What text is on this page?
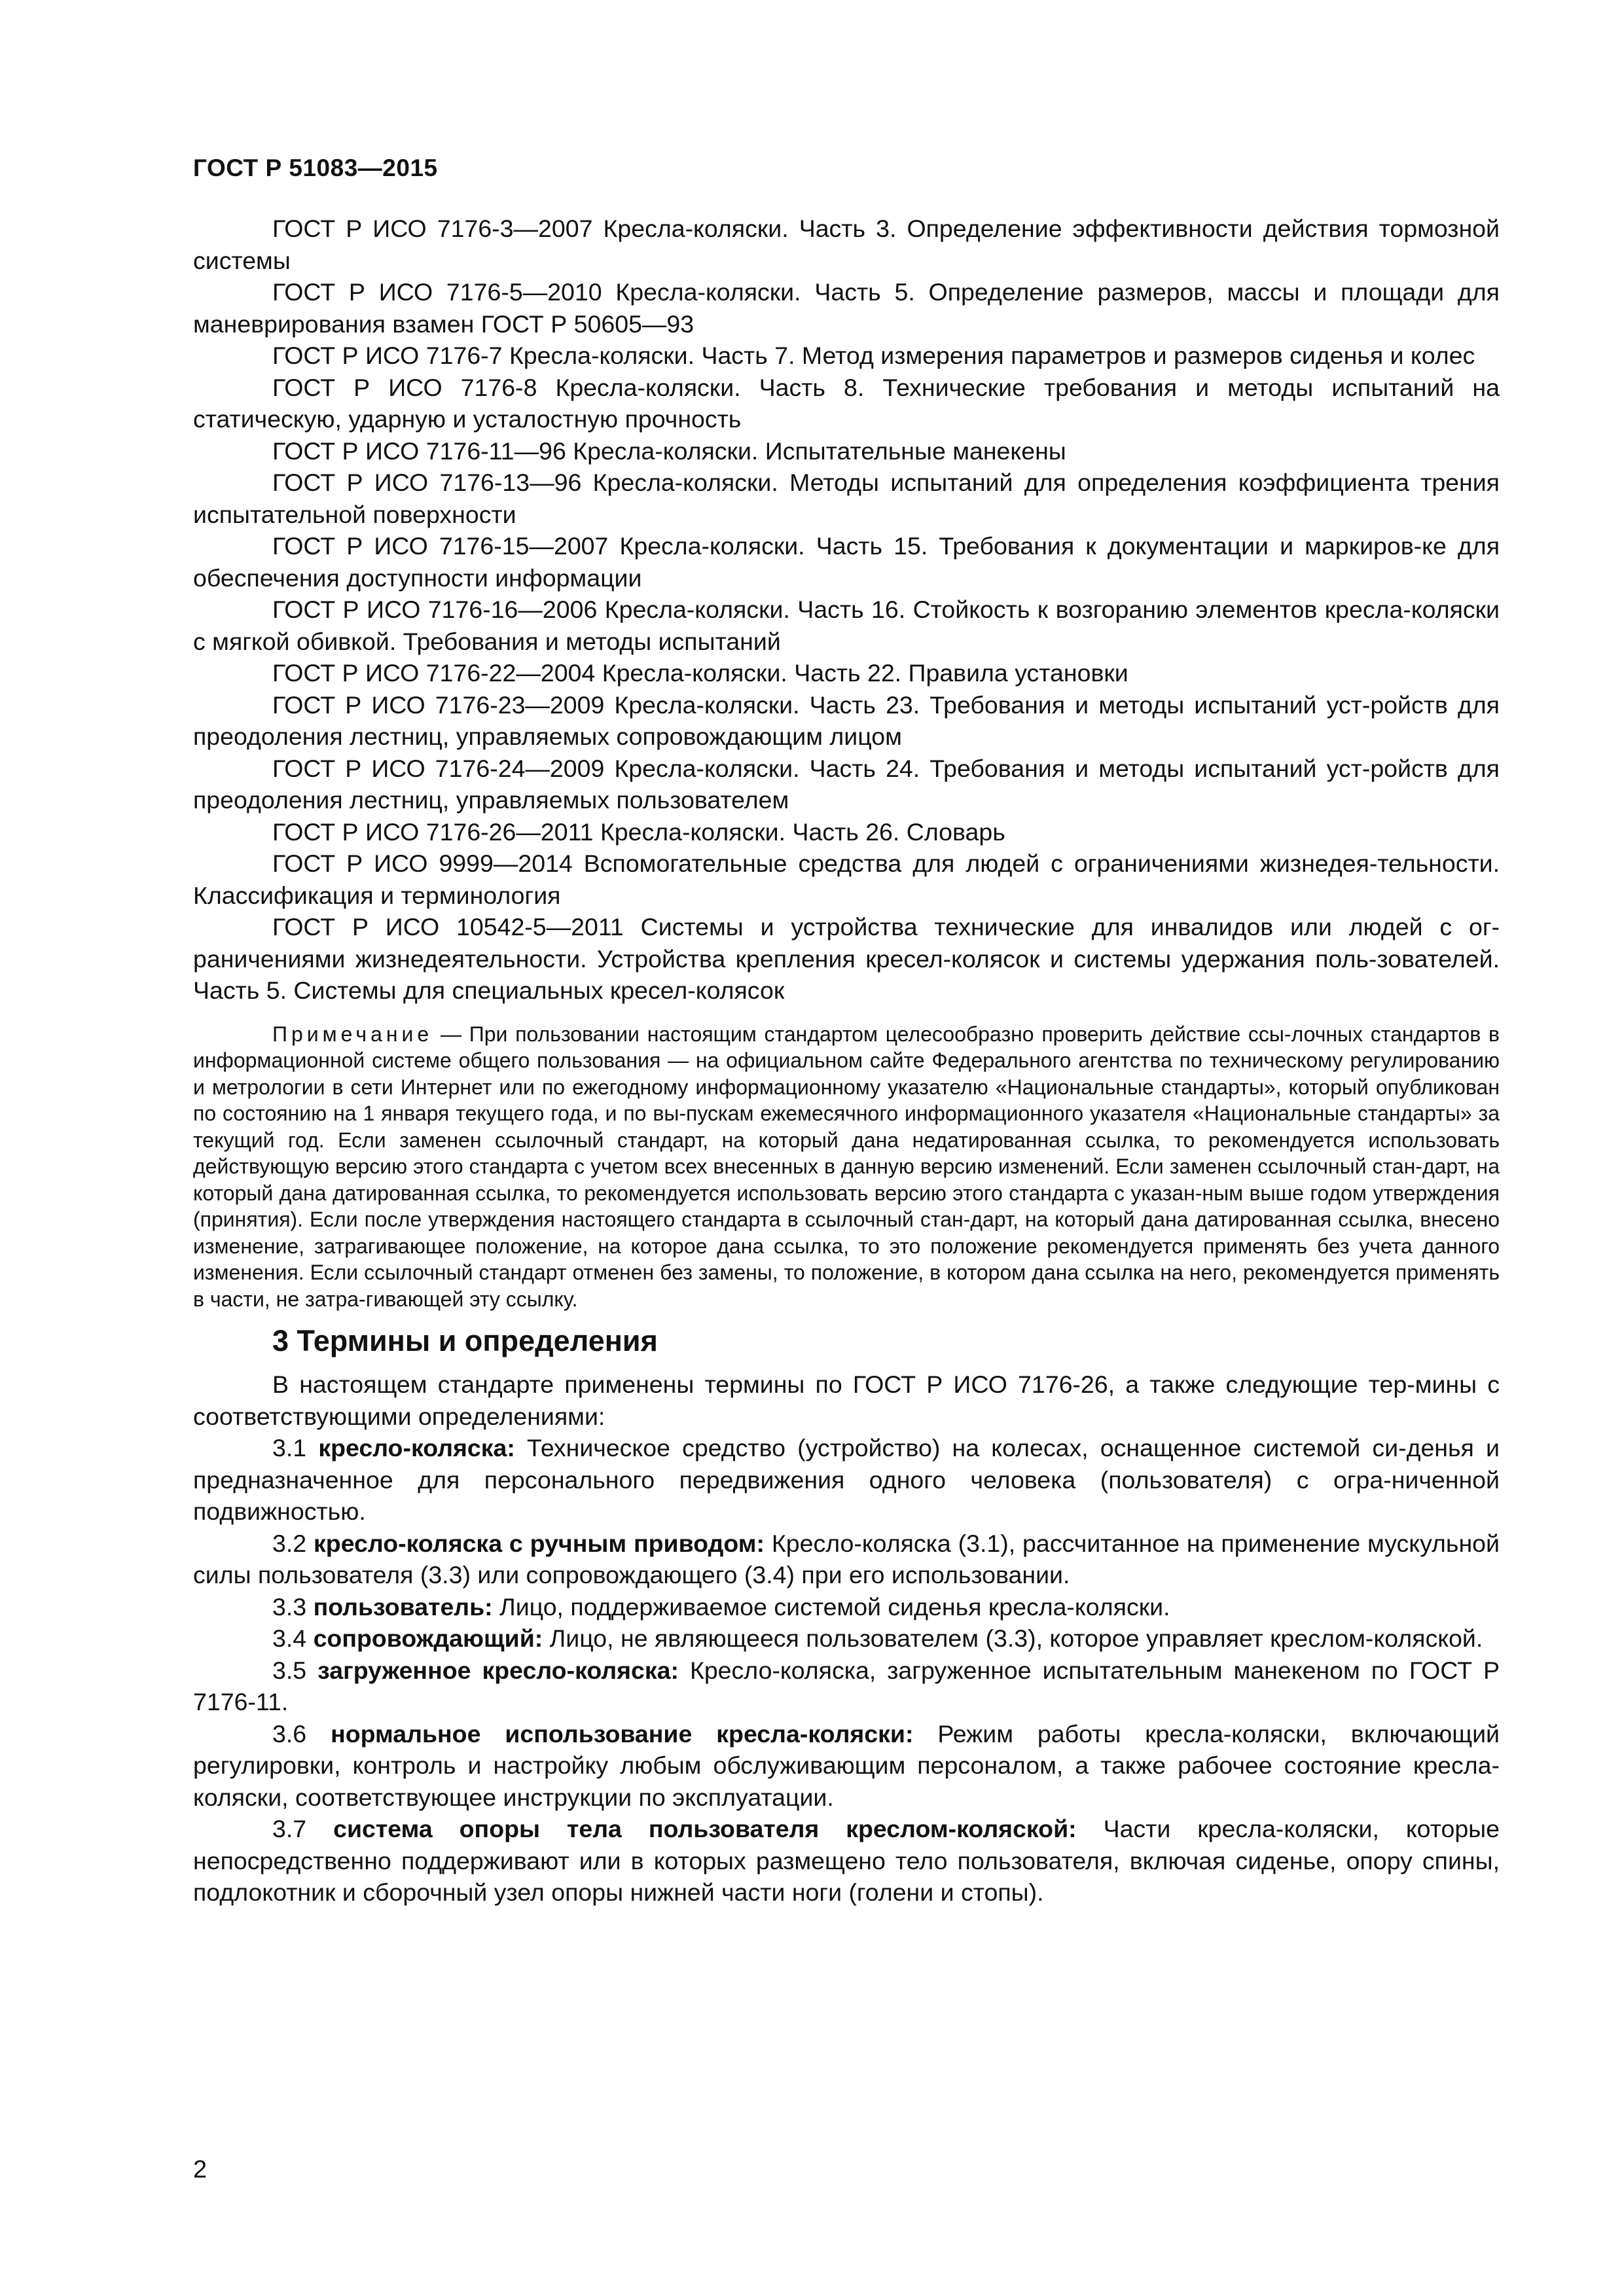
ГОСТ Р 51083—2015

ГОСТ Р ИСО 7176-3—2007 Кресла-коляски. Часть 3. Определение эффективности действия тормозной системы

ГОСТ Р ИСО 7176-5—2010 Кресла-коляски. Часть 5. Определение размеров, массы и площади для маневрирования взамен ГОСТ Р 50605—93

ГОСТ Р ИСО 7176-7 Кресла-коляски. Часть 7. Метод измерения параметров и размеров сиденья и колес

ГОСТ Р ИСО 7176-8 Кресла-коляски. Часть 8. Технические требования и методы испытаний на статическую, ударную и усталостную прочность

ГОСТ Р ИСО 7176-11—96 Кресла-коляски. Испытательные манекены

ГОСТ Р ИСО 7176-13—96 Кресла-коляски. Методы испытаний для определения коэффициента трения испытательной поверхности

ГОСТ Р ИСО 7176-15—2007 Кресла-коляски. Часть 15. Требования к документации и маркиров-ке для обеспечения доступности информации

ГОСТ Р ИСО 7176-16—2006 Кресла-коляски. Часть 16. Стойкость к возгоранию элементов кресла-коляски с мягкой обивкой. Требования и методы испытаний

ГОСТ Р ИСО 7176-22—2004 Кресла-коляски. Часть 22. Правила установки

ГОСТ Р ИСО 7176-23—2009 Кресла-коляски. Часть 23. Требования и методы испытаний уст-ройств для преодоления лестниц, управляемых сопровождающим лицом

ГОСТ Р ИСО 7176-24—2009 Кресла-коляски. Часть 24. Требования и методы испытаний уст-ройств для преодоления лестниц, управляемых пользователем

ГОСТ Р ИСО 7176-26—2011 Кресла-коляски. Часть 26. Словарь

ГОСТ Р ИСО 9999—2014 Вспомогательные средства для людей с ограничениями жизнедея-тельности. Классификация и терминология

ГОСТ Р ИСО 10542-5—2011 Системы и устройства технические для инвалидов или людей с ог-раничениями жизнедеятельности. Устройства крепления кресел-колясок и системы удержания поль-зователей. Часть 5. Системы для специальных кресел-колясок

Примечание — При пользовании настоящим стандартом целесообразно проверить действие ссы-лочных стандартов в информационной системе общего пользования — на официальном сайте Федерального агентства по техническому регулированию и метрологии в сети Интернет или по ежегодному информационному указателю «Национальные стандарты», который опубликован по состоянию на 1 января текущего года, и по вы-пускам ежемесячного информационного указателя «Национальные стандарты» за текущий год. Если заменен ссылочный стандарт, на который дана недатированная ссылка, то рекомендуется использовать действующую версию этого стандарта с учетом всех внесенных в данную версию изменений. Если заменен ссылочный стан-дарт, на который дана датированная ссылка, то рекомендуется использовать версию этого стандарта с указан-ным выше годом утверждения (принятия). Если после утверждения настоящего стандарта в ссылочный стан-дарт, на который дана датированная ссылка, внесено изменение, затрагивающее положение, на которое дана ссылка, то это положение рекомендуется применять без учета данного изменения. Если ссылочный стандарт отменен без замены, то положение, в котором дана ссылка на него, рекомендуется применять в части, не затра-гивающей эту ссылку.

3 Термины и определения

В настоящем стандарте применены термины по ГОСТ Р ИСО 7176-26, а также следующие тер-мины с соответствующими определениями:

3.1 кресло-коляска: Техническое средство (устройство) на колесах, оснащенное системой си-денья и предназначенное для персонального передвижения одного человека (пользователя) с огра-ниченной подвижностью.

3.2 кресло-коляска с ручным приводом: Кресло-коляска (3.1), рассчитанное на применение мускульной силы пользователя (3.3) или сопровождающего (3.4) при его использовании.

3.3 пользователь: Лицо, поддерживаемое системой сиденья кресла-коляски.

3.4 сопровождающий: Лицо, не являющееся пользователем (3.3), которое управляет креслом-коляской.

3.5 загруженное кресло-коляска: Кресло-коляска, загруженное испытательным манекеном по ГОСТ Р 7176-11.

3.6 нормальное использование кресла-коляски: Режим работы кресла-коляски, включающий регулировки, контроль и настройку любым обслуживающим персоналом, а также рабочее состояние кресла-коляски, соответствующее инструкции по эксплуатации.

3.7 система опоры тела пользователя креслом-коляской: Части кресла-коляски, которые непосредственно поддерживают или в которых размещено тело пользователя, включая сиденье, опору спины, подлокотник и сборочный узел опоры нижней части ноги (голени и стопы).

2
